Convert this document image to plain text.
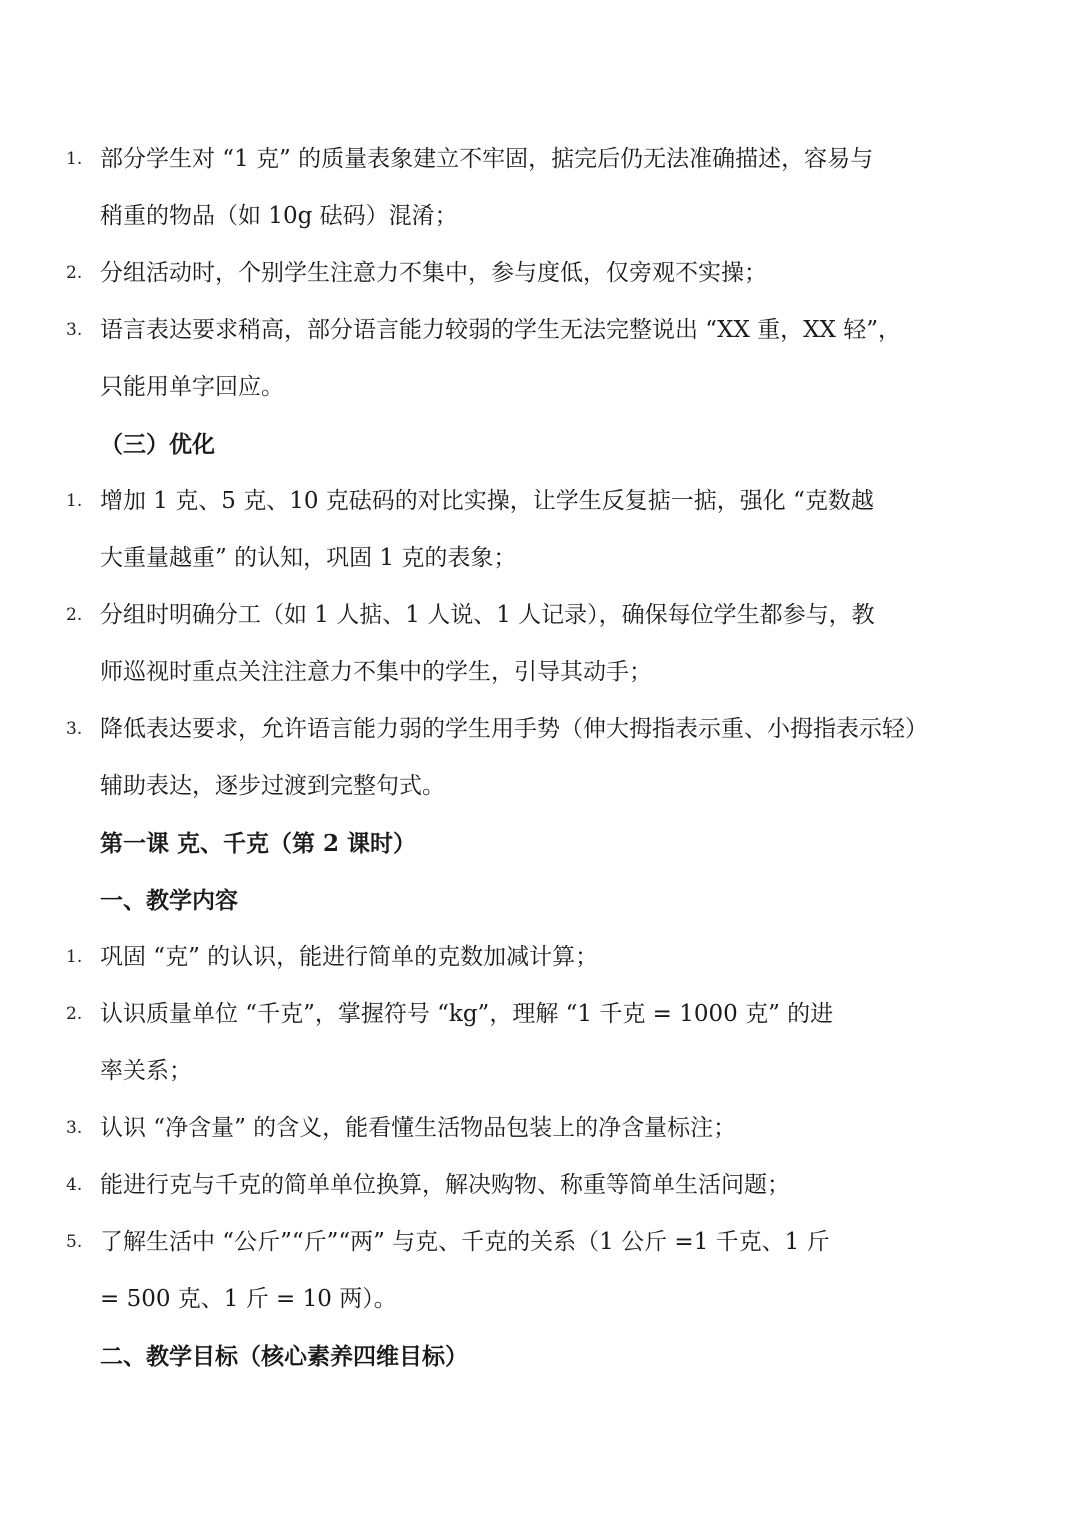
1. 部分学生对 “1 克” 的质量表象建立不牢固，掂完后仍无法准确描述，容易与
稍重的物品（如 10g 砝码）混淆；
2. 分组活动时，个别学生注意力不集中，参与度低，仅旁观不实操；
3. 语言表达要求稍高，部分语言能力较弱的学生无法完整说出 “XX 重，XX 轻”，
只能用单字回应。
（三）优化
1. 增加 1 克、5 克、10 克砝码的对比实操，让学生反复掂一掂，强化 “克数越
大重量越重” 的认知，巩固 1 克的表象；
2. 分组时明确分工（如 1 人掂、1 人说、1 人记录），确保每位学生都参与，教
师巡视时重点关注注意力不集中的学生，引导其动手；
3. 降低表达要求，允许语言能力弱的学生用手势（伸大拇指表示重、小拇指表示轻）
辅助表达，逐步过渡到完整句式。
第一课 克、千克（第 2 课时）
一、教学内容
1. 巩固 “克” 的认识，能进行简单的克数加减计算；
2. 认识质量单位 “千克”，掌握符号 “kg”，理解 “1 千克 = 1000 克” 的进
率关系；
3. 认识 “净含量” 的含义，能看懂生活物品包装上的净含量标注；
4. 能进行克与千克的简单单位换算，解决购物、称重等简单生活问题；
5. 了解生活中 “公斤”“斤”“两” 与克、千克的关系（1 公斤 =1 千克、1 斤
= 500 克、1 斤 = 10 两）。
二、教学目标（核心素养四维目标）
